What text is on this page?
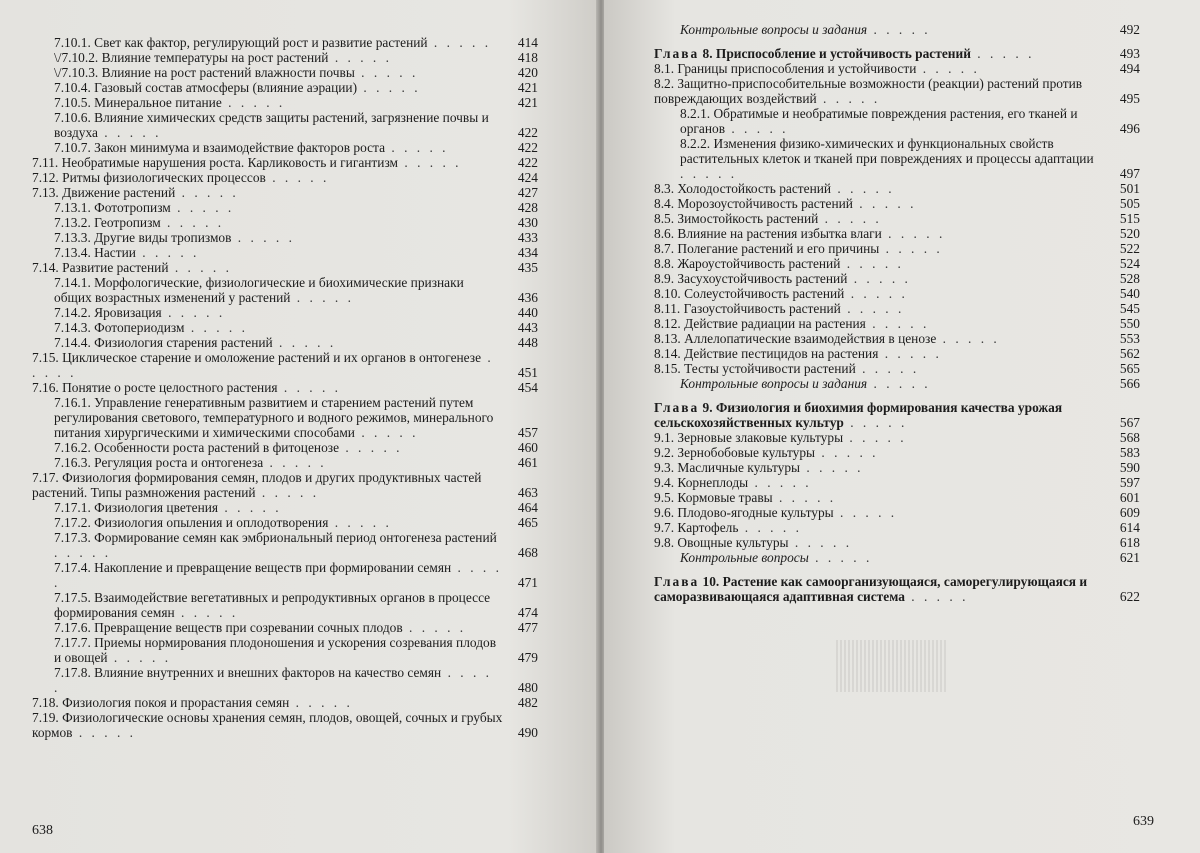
7.10.1. Свет как фактор, регулирующий рост и развитие растений . . . . . 414
\/7.10.2. Влияние температуры на рост растений . . . . .	418
\/7.10.3. Влияние на рост растений влажности почвы . . . . .	420
7.10.4. Газовый состав атмосферы (влияние аэрации) . . . . .	421
7.10.5. Минеральное питание . . . . .	421
7.10.6. Влияние химических средств защиты растений, загрязнение почвы и воздуха . . . . .	422
7.10.7. Закон минимума и взаимодействие факторов роста . . . . .	422
7.11. Необратимые нарушения роста. Карликовость и гигантизм . . . . .	422
7.12. Ритмы физиологических процессов . . . . .	424
7.13. Движение растений . . . . .	427
7.13.1. Фототропизм . . . . .	428
7.13.2. Геотропизм . . . . .	430
7.13.3. Другие виды тропизмов . . . . .	433
7.13.4. Настии . . . . .	434
7.14. Развитие растений . . . . .	435
7.14.1. Морфологические, физиологические и биохимические признаки общих возрастных изменений у растений . . . . .	436
7.14.2. Яровизация . . . . .	440
7.14.3. Фотопериодизм . . . . .	443
7.14.4. Физиология старения растений . . . . .	448
7.15. Циклическое старение и омоложение растений и их органов в онтогенезе . . . . .	451
7.16. Понятие о росте целостного растения . . . . .	454
7.16.1. Управление генеративным развитием и старением растений путем регулирования светового, температурного и водного режимов, минерального питания хирургическими и химическими способами . . . . .	457
7.16.2. Особенности роста растений в фитоценозе . . . . .	460
7.16.3. Регуляция роста и онтогенеза . . . . .	461
7.17. Физиология формирования семян, плодов и других продуктивных частей растений. Типы размножения растений . . . . .	463
7.17.1. Физиология цветения . . . . .	464
7.17.2. Физиология опыления и оплодотворения . . . . .	465
7.17.3. Формирование семян как эмбриональный период онтогенеза растений . . . . .	468
7.17.4. Накопление и превращение веществ при формировании семян . . . . .	471
7.17.5. Взаимодействие вегетативных и репродуктивных органов в процессе формирования семян . . . . .	474
7.17.6. Превращение веществ при созревании сочных плодов . . . . .	477
7.17.7. Приемы нормирования плодоношения и ускорения созревания плодов и овощей . . . . .	479
7.17.8. Влияние внутренних и внешних факторов на качество семян . . . . .	480
7.18. Физиология покоя и прорастания семян . . . . .	482
7.19. Физиологические основы хранения семян, плодов, овощей, сочных и грубых кормов . . . . .	490
Контрольные вопросы и задания . . . . .	492
Глава 8. Приспособление и устойчивость растений . . . . .	493
8.1. Границы приспособления и устойчивости . . . . .	494
8.2. Защитно-приспособительные возможности (реакции) растений против повреждающих воздействий . . . . .	495
8.2.1. Обратимые и необратимые повреждения растения, его тканей и органов . . . . .	496
8.2.2. Изменения физико-химических и функциональных свойств растительных клеток и тканей при повреждениях и процессы адаптации . . . . .	497
8.3. Холодостойкость растений . . . . .	501
8.4. Морозоустойчивость растений . . . . .	505
8.5. Зимостойкость растений . . . . .	515
8.6. Влияние на растения избытка влаги . . . . .	520
8.7. Полегание растений и его причины . . . . .	522
8.8. Жароустойчивость растений . . . . .	524
8.9. Засухоустойчивость растений . . . . .	528
8.10. Солеустойчивость растений . . . . .	540
8.11. Газоустойчивость растений . . . . .	545
8.12. Действие радиации на растения . . . . .	550
8.13. Аллелопатические взаимодействия в ценозе . . . . .	553
8.14. Действие пестицидов на растения . . . . .	562
8.15. Тесты устойчивости растений . . . . .	565
Контрольные вопросы и задания . . . . .	566
Глава 9. Физиология и биохимия формирования качества урожая сельскохозяйственных культур . . . . .	567
9.1. Зерновые злаковые культуры . . . . .	568
9.2. Зернобобовые культуры . . . . .	583
9.3. Масличные культуры . . . . .	590
9.4. Корнеплоды . . . . .	597
9.5. Кормовые травы . . . . .	601
9.6. Плодово-ягодные культуры . . . . .	609
9.7. Картофель . . . . .	614
9.8. Овощные культуры . . . . .	618
Контрольные вопросы . . . . .	621
Глава 10. Растение как самоорганизующаяся, саморегулирующаяся и саморазвивающаяся адаптивная система . . . . .	622
638
639
